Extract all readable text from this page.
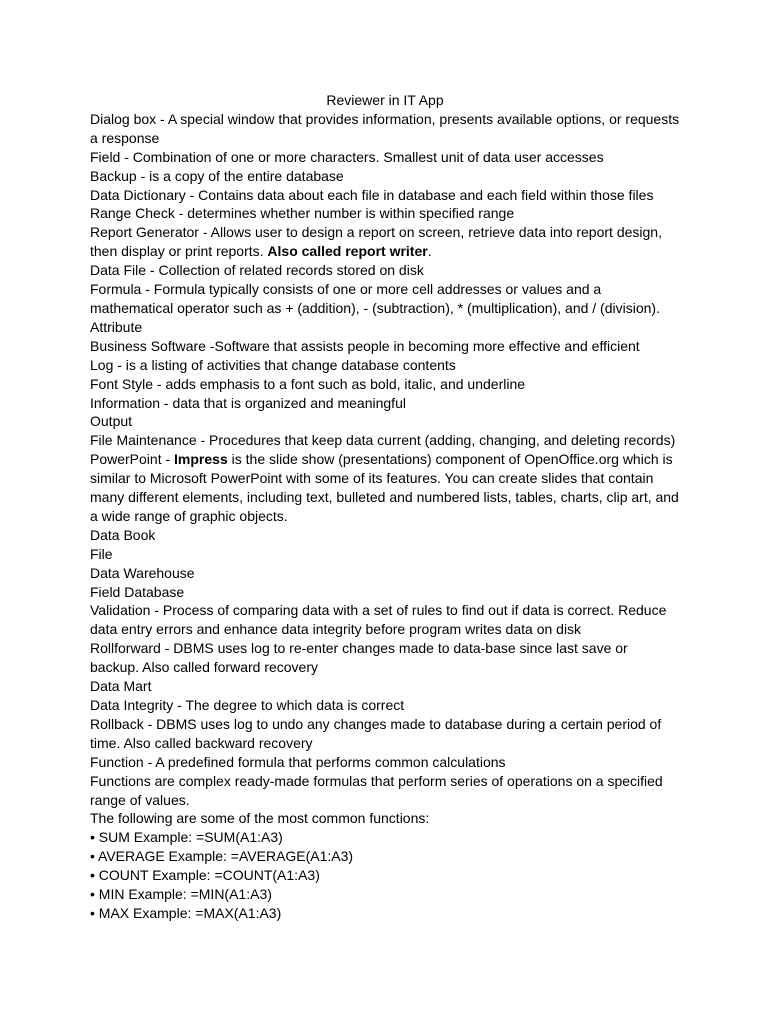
Reviewer in IT App

Dialog box - A special window that provides information, presents available options, or requests a response

Field - Combination of one or more characters. Smallest unit of data user accesses

Backup - is a copy of the entire database

Data Dictionary - Contains data about each file in database and each field within those files

Range Check - determines whether number is within specified range

Report Generator - Allows user to design a report on screen, retrieve data into report design, then display or print reports. Also called report writer.

Data File - Collection of related records stored on disk

Formula - Formula typically consists of one or more cell addresses or values and a mathematical operator such as + (addition), - (subtraction), * (multiplication), and / (division).

Attribute

Business Software -Software that assists people in becoming more effective and efficient

Log - is a listing of activities that change database contents

Font Style - adds emphasis to a font such as bold, italic, and underline

Information - data that is organized and meaningful

Output

File Maintenance - Procedures that keep data current (adding, changing, and deleting records)

PowerPoint - Impress is the slide show (presentations) component of OpenOffice.org which is similar to Microsoft PowerPoint with some of its features. You can create slides that contain many different elements, including text, bulleted and numbered lists, tables, charts, clip art, and a wide range of graphic objects.

Data Book

File

Data Warehouse

Field Database

Validation - Process of comparing data with a set of rules to find out if data is correct. Reduce data entry errors and enhance data integrity before program writes data on disk

Rollforward - DBMS uses log to re-enter changes made to data-base since last save or backup. Also called forward recovery

Data Mart

Data Integrity - The degree to which data is correct

Rollback - DBMS uses log to undo any changes made to database during a certain period of time. Also called backward recovery

Function - A predefined formula that performs common calculations

Functions are complex ready-made formulas that perform series of operations on a specified range of values.

The following are some of the most common functions:

• SUM Example: =SUM(A1:A3)

• AVERAGE Example: =AVERAGE(A1:A3)

• COUNT Example: =COUNT(A1:A3)

• MIN Example: =MIN(A1:A3)

• MAX Example: =MAX(A1:A3)
